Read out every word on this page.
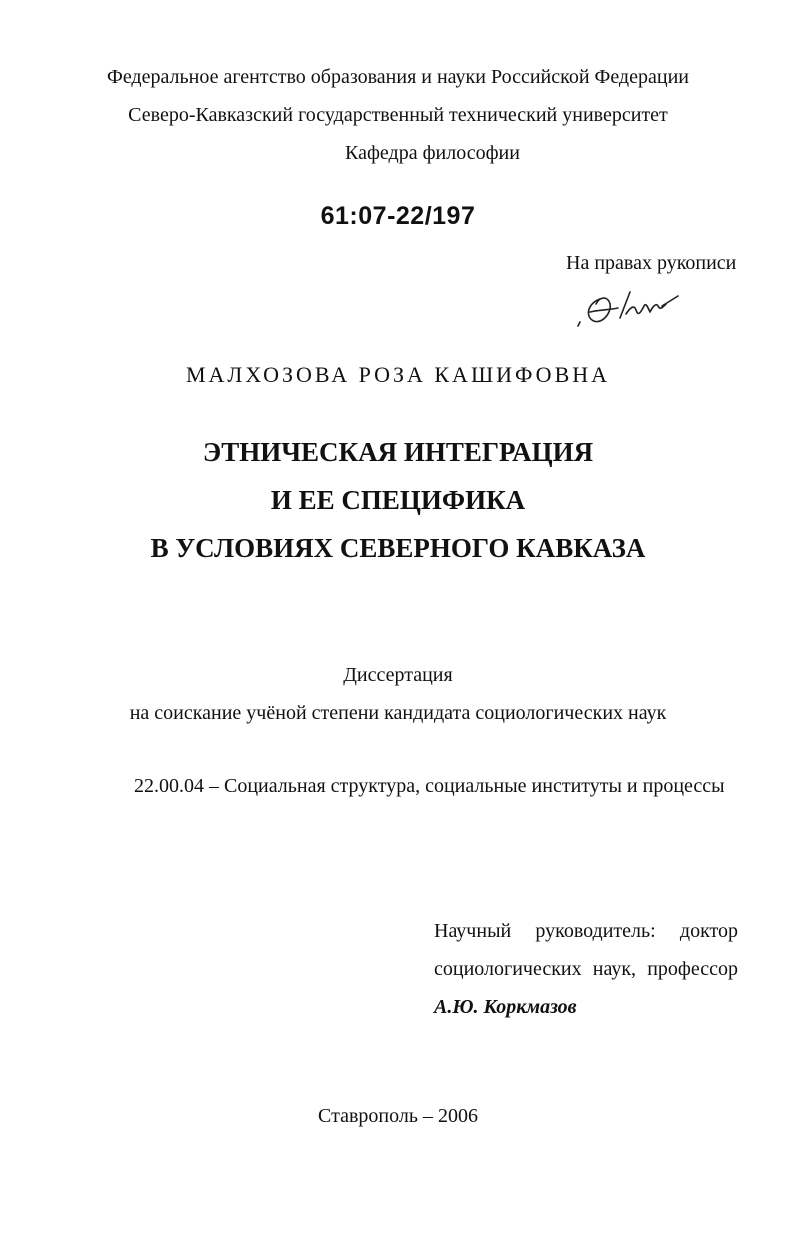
Федеральное агентство образования и науки Российской Федерации
Северо-Кавказский государственный технический университет
Кафедра философии
61:07-22/197
На правах рукописи
МАЛХОЗОВА РОЗА КАШИФОВНА
ЭТНИЧЕСКАЯ ИНТЕГРАЦИЯ
И ЕЕ СПЕЦИФИКА
В УСЛОВИЯХ СЕВЕРНОГО КАВКАЗА
Диссертация
на соискание учёной степени кандидата социологических наук
22.00.04 – Социальная структура, социальные институты и процессы
Научный руководитель: доктор
социологических наук, профессор
А.Ю. Коркмазов
Ставрополь – 2006
